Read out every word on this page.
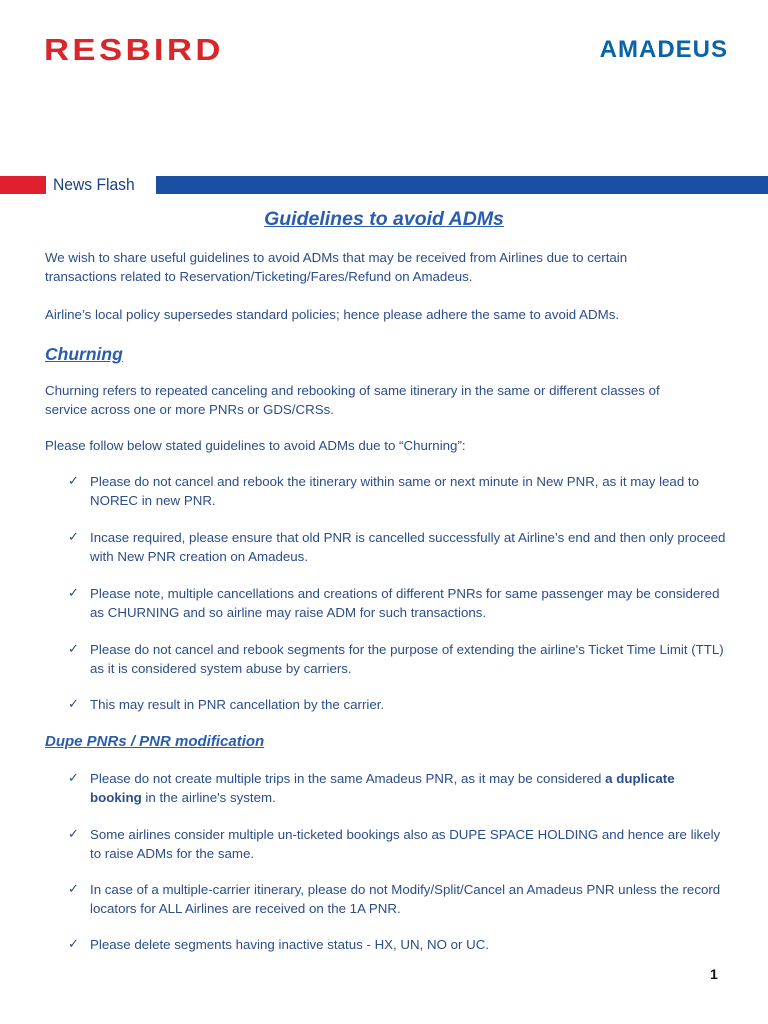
RESBIRD	AMADEUS
News Flash
Guidelines to avoid ADMs
We wish to share useful guidelines to avoid ADMs that may be received from Airlines due to certain transactions related to Reservation/Ticketing/Fares/Refund on Amadeus.
Airline’s local policy supersedes standard policies; hence please adhere the same to avoid ADMs.
Churning
Churning refers to repeated canceling and rebooking of same itinerary in the same or different classes of service across one or more PNRs or GDS/CRSs.
Please follow below stated guidelines to avoid ADMs due to “Churning”:
✓ Please do not cancel and rebook the itinerary within same or next minute in New PNR, as it may lead to NOREC in new PNR.
✓ Incase required, please ensure that old PNR is cancelled successfully at Airline’s end and then only proceed with New PNR creation on Amadeus.
✓ Please note, multiple cancellations and creations of different PNRs for same passenger may be considered as CHURNING and so airline may raise ADM for such transactions.
✓ Please do not cancel and rebook segments for the purpose of extending the airline's Ticket Time Limit (TTL) as it is considered system abuse by carriers.
✓ This may result in PNR cancellation by the carrier.
Dupe PNRs / PNR modification
✓ Please do not create multiple trips in the same Amadeus PNR, as it may be considered a duplicate booking in the airline's system.
✓ Some airlines consider multiple un-ticketed bookings also as DUPE SPACE HOLDING and hence are likely to raise ADMs for the same.
✓ In case of a multiple-carrier itinerary, please do not Modify/Split/Cancel an Amadeus PNR unless the record locators for ALL Airlines are received on the 1A PNR.
✓ Please delete segments having inactive status - HX, UN, NO or UC.
1
